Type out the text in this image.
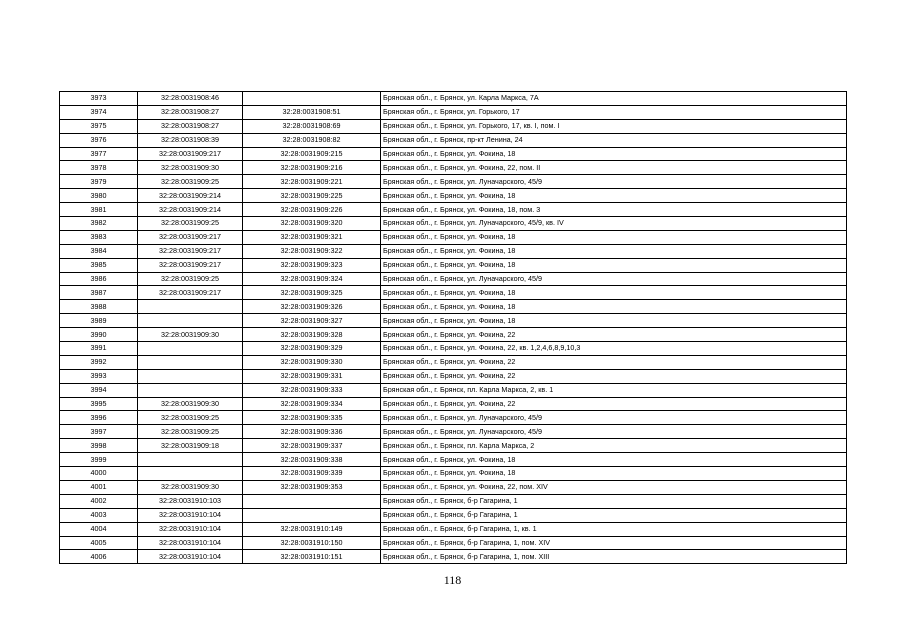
3973	32:28:0031908:46		Брянская обл., г. Брянск, ул. Карла Маркса, 7А
3974	32:28:0031908:27	32:28:0031908:51	Брянская обл., г. Брянск, ул. Горького, 17
3975	32:28:0031908:27	32:28:0031908:69	Брянская обл., г. Брянск, ул. Горького, 17, кв. I, пом. I
3976	32:28:0031908:39	32:28:0031908:82	Брянская обл., г. Брянск, пр-кт Ленина, 24
3977	32:28:0031909:217	32:28:0031909:215	Брянская обл., г. Брянск, ул. Фокина, 18
3978	32:28:0031909:30	32:28:0031909:216	Брянская обл., г. Брянск, ул. Фокина, 22, пом. II
3979	32:28:0031909:25	32:28:0031909:221	Брянская обл., г. Брянск, ул. Луначарского, 45/9
3980	32:28:0031909:214	32:28:0031909:225	Брянская обл., г. Брянск, ул. Фокина, 18
3981	32:28:0031909:214	32:28:0031909:226	Брянская обл., г. Брянск, ул. Фокина, 18, пом. 3
3982	32:28:0031909:25	32:28:0031909:320	Брянская обл., г. Брянск, ул. Луначарского, 45/9, кв. IV
3983	32:28:0031909:217	32:28:0031909:321	Брянская обл., г. Брянск, ул. Фокина, 18
3984	32:28:0031909:217	32:28:0031909:322	Брянская обл., г. Брянск, ул. Фокина, 18
3985	32:28:0031909:217	32:28:0031909:323	Брянская обл., г. Брянск, ул. Фокина, 18
3986	32:28:0031909:25	32:28:0031909:324	Брянская обл., г. Брянск, ул. Луначарского, 45/9
3987	32:28:0031909:217	32:28:0031909:325	Брянская обл., г. Брянск, ул. Фокина, 18
3988		32:28:0031909:326	Брянская обл., г. Брянск, ул. Фокина, 18
3989		32:28:0031909:327	Брянская обл., г. Брянск, ул. Фокина, 18
3990	32:28:0031909:30	32:28:0031909:328	Брянская обл., г. Брянск, ул. Фокина, 22
3991		32:28:0031909:329	Брянская обл., г. Брянск, ул. Фокина, 22, кв. 1,2,4,6,8,9,10,3
3992		32:28:0031909:330	Брянская обл., г. Брянск, ул. Фокина, 22
3993		32:28:0031909:331	Брянская обл., г. Брянск, ул. Фокина, 22
3994		32:28:0031909:333	Брянская обл., г. Брянск, пл. Карла Маркса, 2, кв. 1
3995	32:28:0031909:30	32:28:0031909:334	Брянская обл., г. Брянск, ул. Фокина, 22
3996	32:28:0031909:25	32:28:0031909:335	Брянская обл., г. Брянск, ул. Луначарского, 45/9
3997	32:28:0031909:25	32:28:0031909:336	Брянская обл., г. Брянск, ул. Луначарского, 45/9
3998	32:28:0031909:18	32:28:0031909:337	Брянская обл., г. Брянск, пл. Карла Маркса, 2
3999		32:28:0031909:338	Брянская обл., г. Брянск, ул. Фокина, 18
4000		32:28:0031909:339	Брянская обл., г. Брянск, ул. Фокина, 18
4001	32:28:0031909:30	32:28:0031909:353	Брянская обл., г. Брянск, ул. Фокина, 22, пом. XIV
4002	32:28:0031910:103		Брянская обл., г. Брянск, б-р Гагарина, 1
4003	32:28:0031910:104		Брянская обл., г. Брянск, б-р Гагарина, 1
4004	32:28:0031910:104	32:28:0031910:149	Брянская обл., г. Брянск, б-р Гагарина, 1, кв. 1
4005	32:28:0031910:104	32:28:0031910:150	Брянская обл., г. Брянск, б-р Гагарина, 1, пом. XIV
4006	32:28:0031910:104	32:28:0031910:151	Брянская обл., г. Брянск, б-р Гагарина, 1, пом. XIII
118
